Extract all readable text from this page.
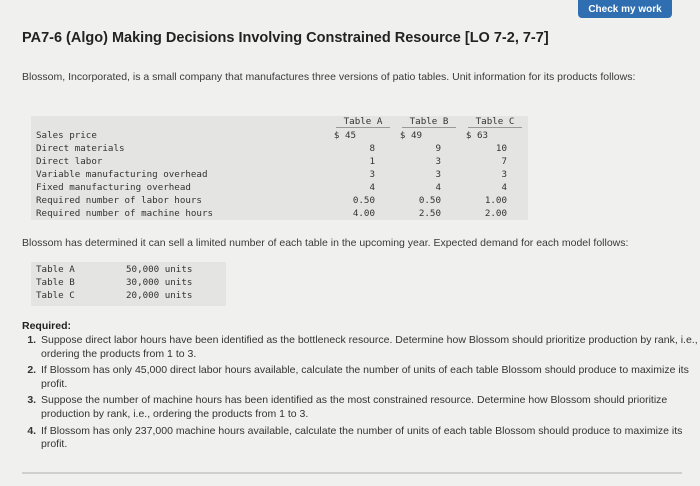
Check my work
PA7-6 (Algo) Making Decisions Involving Constrained Resource [LO 7-2, 7-7]
Blossom, Incorporated, is a small company that manufactures three versions of patio tables. Unit information for its products follows:
Table A	Table B	Table C
Sales price
Direct materials
Direct labor
Variable manufacturing overhead
Fixed manufacturing overhead
Required number of labor hours
Required number of machine hours
$ 45
8
1
3
4
0.50
4.00
$ 49
9
3
3
4
0.50
2.50
$ 63
10
7
3
4
1.00
2.00
Blossom has determined it can sell a limited number of each table in the upcoming year. Expected demand for each model follows:
Table A
Table B
Table C
50,000 units
30,000 units
20,000 units
Required:
1. Suppose direct labor hours have been identified as the bottleneck resource. Determine how Blossom should prioritize production by rank, i.e., ordering the products from 1 to 3.
2. If Blossom has only 45,000 direct labor hours available, calculate the number of units of each table Blossom should produce to maximize its profit.
3. Suppose the number of machine hours has been identified as the most constrained resource. Determine how Blossom should prioritize production by rank, i.e., ordering the products from 1 to 3.
4. If Blossom has only 237,000 machine hours available, calculate the number of units of each table Blossom should produce to maximize its profit.
